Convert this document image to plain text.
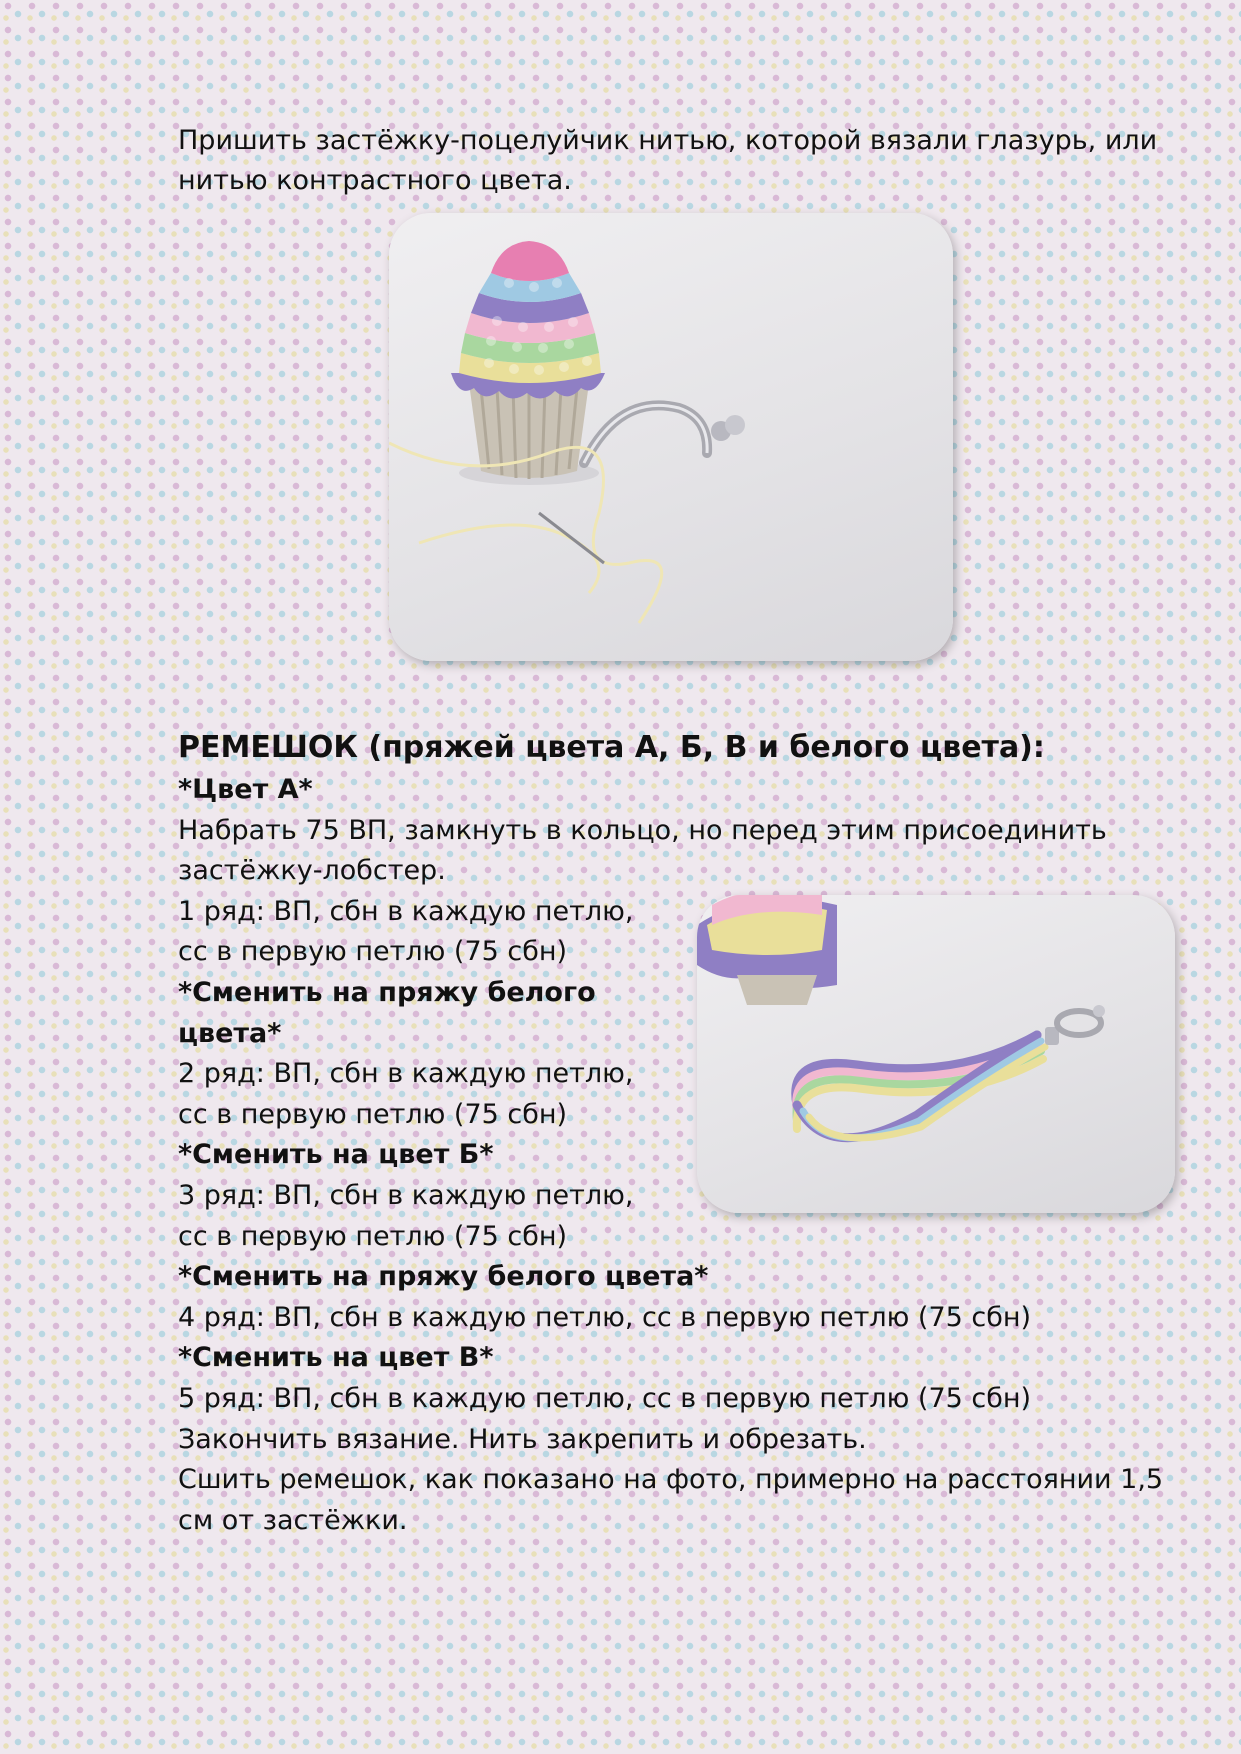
Пришить застёжку-поцелуйчик нитью, которой вязали глазурь, или
нитью контрастного цвета.
РЕМЕШОК (пряжей цвета А, Б, В и белого цвета):
*Цвет А*
Набрать 75 ВП, замкнуть в кольцо, но перед этим присоединить
застёжку-лобстер.
1 ряд: ВП, сбн в каждую петлю,
сс в первую петлю (75 сбн)
*Сменить на пряжу белого
цвета*
2 ряд: ВП, сбн в каждую петлю,
сс в первую петлю (75 сбн)
*Сменить на цвет Б*
3 ряд: ВП, сбн в каждую петлю,
сс в первую петлю (75 сбн)
*Сменить на пряжу белого цвета*
4 ряд: ВП, сбн в каждую петлю, сс в первую петлю (75 сбн)
*Сменить на цвет В*
5 ряд: ВП, сбн в каждую петлю, сс в первую петлю (75 сбн)
Закончить вязание. Нить закрепить и обрезать.
Сшить ремешок, как показано на фото, примерно на расстоянии 1,5
см от застёжки.
